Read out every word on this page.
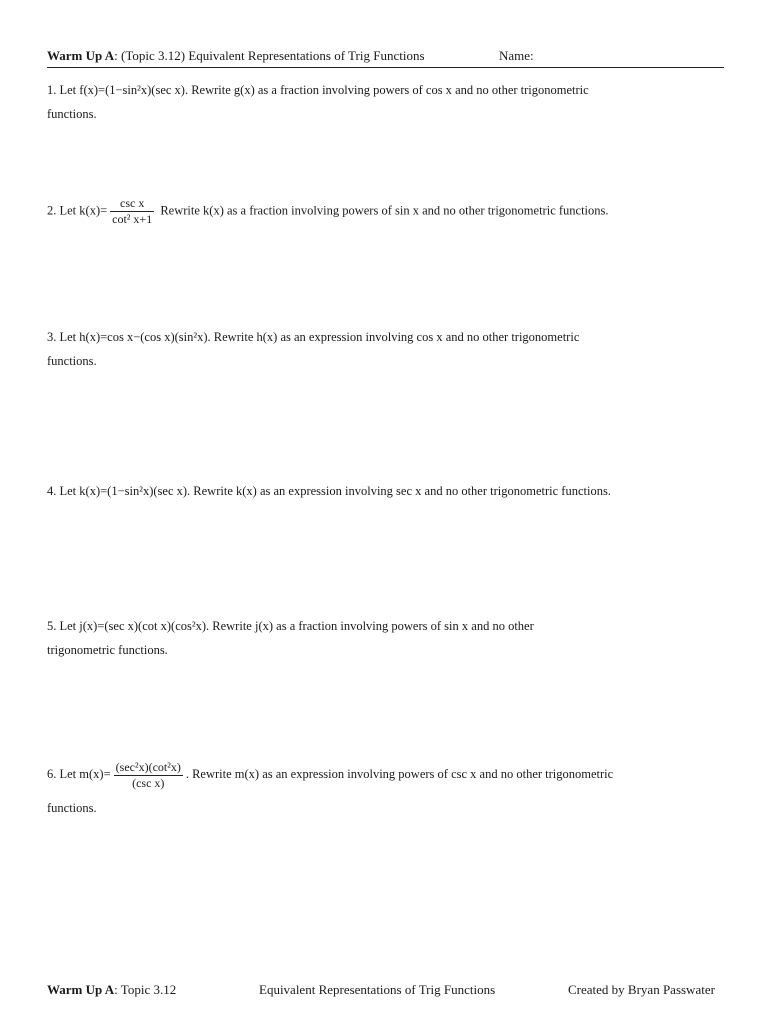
Warm Up A: (Topic 3.12) Equivalent Representations of Trig Functions	Name:
1. Let f(x)=(1−sin²x)(sec x). Rewrite g(x) as a fraction involving powers of cos x and no other trigonometric
functions.
2. Let $k(x)= \frac{\text{csc x}}{\text{cot² x+1}}$ Rewrite k(x) as a fraction involving powers of sin x and no other trigonometric functions.
3. Let h(x)=cos x−(cos x)(sin²x). Rewrite h(x) as an expression involving cos x and no other trigonometric
functions.
4. Let k(x)=(1−sin²x)(sec x). Rewrite k(x) as an expression involving sec x and no other trigonometric functions.
5. Let j(x)=(sec x)(cot x)(cos²x). Rewrite j(x) as a fraction involving powers of sin x and no other
trigonometric functions.
6. Let $m(x)= \frac{\text{(sec²x)(cot²x)}}{\text{(csc x)}}$ . Rewrite m(x) as an expression involving powers of csc x and no other trigonometric
functions.
Warm Up A: Topic 3.12	Equivalent Representations of Trig Functions	Created by Bryan Passwater
